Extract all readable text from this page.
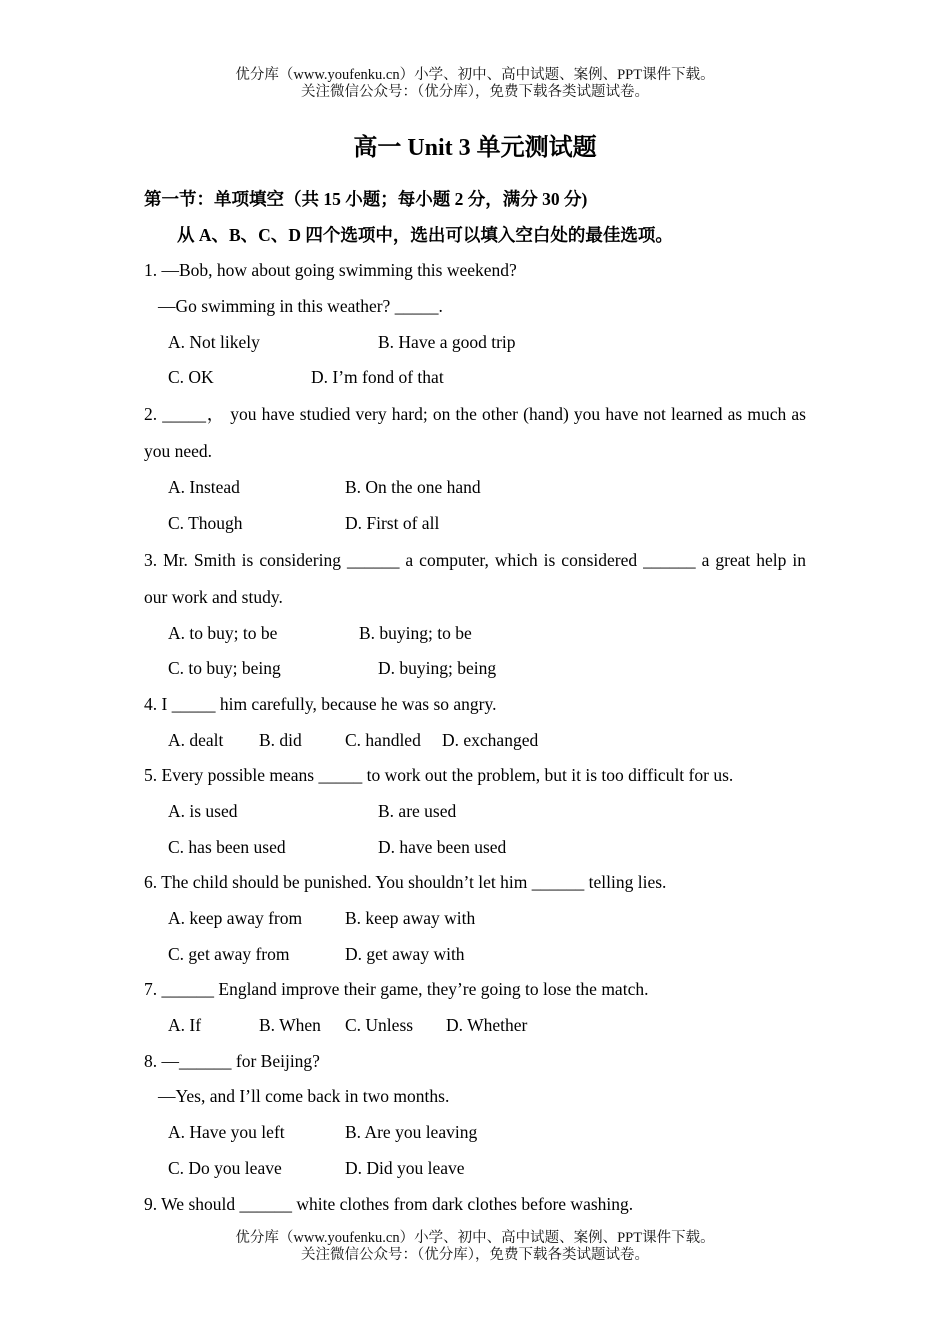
优分库（www.youfenku.cn）小学、初中、高中试题、案例、PPT课件下载。
关注微信公众号：（优分库），免费下载各类试题试卷。
高一 Unit 3 单元测试题
第一节：单项填空（共 15 小题；每小题 2 分，满分 30 分)
从 A、B、C、D 四个选项中，选出可以填入空白处的最佳选项。
1. —Bob, how about going swimming this weekend?
—Go swimming in this weather? _____.
A. Not likely	B. Have a good trip
C. OK	D. I’m fond of that
2. _____， you have studied very hard; on the other (hand) you have not learned as much as you need.
A. Instead	B. On the one hand
C. Though	D. First of all
3. Mr. Smith is considering ______ a computer, which is considered ______ a great help in our work and study.
A. to buy; to be	B. buying; to be
C. to buy; being	D. buying; being
4. I _____ him carefully, because he was so angry.
A. dealt B. did C. handled D. exchanged
5. Every possible means _____ to work out the problem, but it is too difficult for us.
A. is used	B. are used
C. has been used	D. have been used
6. The child should be punished. You shouldn’t let him ______ telling lies.
A. keep away from B. keep away with
C. get away from	D. get away with
7. ______ England improve their game, they’re going to lose the match.
A. If	B. When C. Unless D. Whether
8. —______ for Beijing?
—Yes, and I’ll come back in two months.
A. Have you left	B. Are you leaving
C. Do you leave	D. Did you leave
9. We should ______ white clothes from dark clothes before washing.
优分库（www.youfenku.cn）小学、初中、高中试题、案例、PPT课件下载。
关注微信公众号：（优分库），免费下载各类试题试卷。
